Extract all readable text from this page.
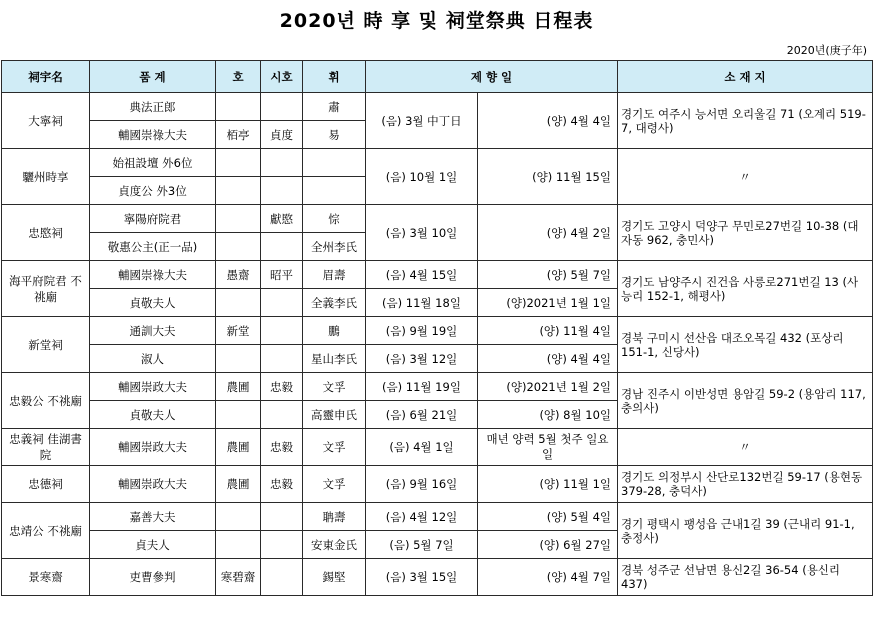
2020년 時 享 및 祠堂祭典 日程表
2020년(庚子年)
祠宇名	품 계	호	시호	휘	제 향 일		소 재 지
大寧祠	典法正郎			肅	(음) 3월 中丁日	(양) 4월 4일	경기도 여주시 능서면 오리울길 71 (오계리 519-7, 대령사)
	輔國崇祿大夫	栢亭	貞度	易			
驪州時享	始祖設壇 外6位				(음) 10월 1일	(양) 11월 15일	〃
	貞度公 外3位						
忠愍祠	寧陽府院君		獻愍	悰	(음) 3월 10일	(양) 4월 2일	경기도 고양시 덕양구 무민로27번길 10-38 (대자동 962, 충민사)
	敬惠公主(正一品)			全州李氏			
海平府院君 不祧廟	輔國崇祿大夫	愚齋	昭平	眉壽	(음) 4월 15일	(양) 5월 7일	경기도 남양주시 진건읍 사릉로271번길 13 (사능리 152-1, 해평사)
	貞敬夫人			全義李氏	(음) 11월 18일	(양)2021년 1월 1일	
新堂祠	通訓大夫	新堂		鵬	(음) 9월 19일	(양) 11월 4일	경북 구미시 선산읍 대조오목길 432 (포상리 151-1, 신당사)
	淑人			星山李氏	(음) 3월 12일	(양) 4월 4일	
忠毅公 不祧廟	輔國崇政大夫	農圃	忠毅	文孚	(음) 11월 19일	(양)2021년 1월 2일	경남 진주시 이반성면 용암길 59-2 (용암리 117, 충의사)
	貞敬夫人			高靈申氏	(음) 6월 21일	(양) 8월 10일	
忠義祠 佳湖書院	輔國崇政大夫	農圃	忠毅	文孚	(음) 4월 1일	매년 양력 5월 첫주 일요일	〃
忠德祠	輔國崇政大夫	農圃	忠毅	文孚	(음) 9월 16일	(양) 11월 1일	경기도 의정부시 산단로132번길 59-17 (용현동 379-28, 충덕사)
忠靖公 不祧廟	嘉善大夫			聃壽	(음) 4월 12일	(양) 5월 4일	경기 평택시 팽성읍 근내1길 39 (근내리 91-1, 충정사)
	貞夫人			安東金氏	(음) 5월 7일	(양) 6월 27일	
景寒齋	吏曹參判	寒碧齋		錫堅	(음) 3월 15일	(양) 4월 7일	경북 성주군 선남면 용신2길 36-54 (용신리 437)
